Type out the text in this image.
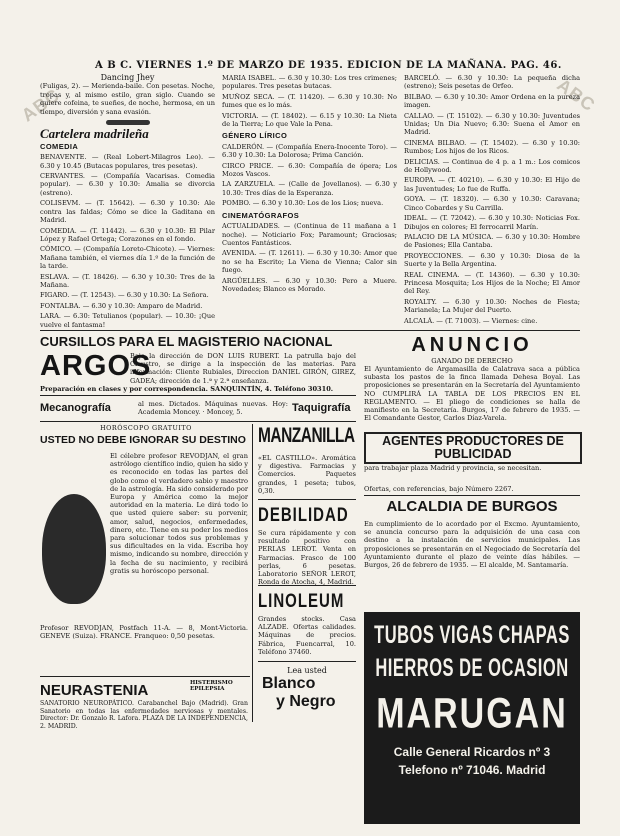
ABC	ABC
A B C. VIERNES 1.º DE MARZO DE 1935. EDICION DE LA MAÑANA. PAG. 46.
Dancing Jhey

(Fuligas, 2). — Merienda-baile. Con pesetas. Noche, tropas y, al mismo estilo, gran siglo. Cuando se quiere cofeina, te sueñes, de noche, hermosa, en un tiempo, diversión y sana evasión.

Cartelera madrileña
COMEDIA

BENAVENTE. — (Real Lobert-Milagros Leo). — 6.30 y 10.45 (Butacas populares, tres pesetas).

CERVANTES. — (Compañía Vacarisas. Comedia popular). — 6.30 y 10.30: Amalia se divorcia (estreno).

COLISEVM. — (T. 15642). — 6.30 y 10.30: Ale contra las faldas; Cómo se dice la Gaditana en Madrid.

COMEDIA. — (T. 11442). — 6.30 y 10.30: El Pilar López y Rafael Ortega; Corazones en el fondo.

CÓMICO. — (Compañía Loreto-Chicote). — Viernes: Mañana también, el viernes día 1.º de la función de la tarde.

ESLAVA. — (T. 18426). — 6.30 y 10.30: Tres de la Mañana.

FIGARO. — (T. 12543). — 6.30 y 10.30: La Señora.

FONTALBA. — 6.30 y 10.30: Amparo de Madrid.

LARA. — 6.30: Tetulianos (popular). — 10.30: ¡Que vuelve el fantasma!

MARIA ISABEL. — 6.30 y 10.30: Los tres crimenes; populares. Tres pesetas butacas.

MUÑOZ SECA. — (T. 11420). — 6.30 y 10.30: No fumes que es lo más.

VICTORIA. — (T. 18402). — 6.15 y 10.30: La Nieta de la Tierra; Lo que Vale la Pena.

GÉNERO LÍRICO

CALDERÓN. — (Compañía Enera-Inocente Toro). — 6.30 y 10.30: La Dolorosa; Prima Canción.

CIRCO PRICE. — 6.30: Compañía de ópera; Los Mozos Vascos.

LA ZARZUELA. — (Calle de Jovellanos). — 6.30 y 10.30: Tres días de la Esperanza.

POMBO. — 6.30 y 10.30: Los de los Lios; nueva.

CINEMATÓGRAFOS

ACTUALIDADES. — (Continua de 11 mañana a 1 noche). — Noticiario Fox; Paramount; Graciosas; Cuentos Fantásticos.

AVENIDA. — (T. 12611). — 6.30 y 10.30: Amor que no se ha Escrito; La Viena de Vienna; Calor sin fuego.

ARGÜELLES. — 6.30 y 10.30: Pero a Muere. Novedades; Blanco es Morado.

BARCELÓ. — 6.30 y 10.30: La pequeña dicha (estreno); Seis pesetas de Orfeo.

BILBAO. — 6.30 y 10.30: Amor Ordena en la pureza imagen.

CALLAO. — (T. 15102). — 6.30 y 10.30: Juventudes Unidas; Un Dia Nuevo; 6.30: Suena el Amor en Madrid.

CINEMA BILBAO. — (T. 15402). — 6.30 y 10.30: Rumbos; Los hijos de los Ricos.

DELICIAS. — Continua de 4 p. a 1 m.: Los comicos de Hollywood.

EUROPA. — (T. 40210). — 6.30 y 10.30: El Hijo de las Juventudes; Lo fue de Ruffa.

GOYA. — (T. 18320). — 6.30 y 10.30: Caravana; Cinco Cobardes y Su Carrilla.

IDEAL. — (T. 72042). — 6.30 y 10.30: Noticias Fox. Dibujos en colores; El ferrocarril Marín.

PALACIO DE LA MÚSICA. — 6.30 y 10.30: Hombre de Pasiones; Ella Cantaba.

PROYECCIONES. — 6.30 y 10.30: Diosa de la Suerte y la Bella Argentina.

REAL CINEMA. — (T. 14360). — 6.30 y 10.30: Princesa Mosquita; Los Hijos de la Noche; El Amor del Rey.

ROYALTY. — 6.30 y 10.30: Noches de Fiesta; Marianela; La Mujer del Puerto.

ALCALÁ. — (T. 71003). — Viernes: cine.

CURSILLOS PARA EL MAGISTERIO NACIONAL
ARGOS
Bajo la dirección de DON LUIS RUBERT. La patrulla bajo del Claustro, se dirige a la inspección de las materias. Para información: Cliente Rubiales, Direccion DANIEL GIRÓN, GIREZ, GADEA; dirección de 1.ª y 2.ª enseñanza.
Preparación en clases y por correspondencia. SANQUINTÍN, 4. Teléfono 30310.
Mecanografía	al mes. Dictados. Máquinas nuevas. Hoy: Academia Moncey. · Moncey, 5.	Taquigrafía
HORÓSCOPO GRATUITO
USTED NO DEBE IGNORAR SU DESTINO
El célebre profesor REVODJAN, el gran astrólogo científico indio, quien ha sido y es reconocido en todas las partes del globo como el verdadero sabio y maestro de la astrología. Ha sido considerado por Europa y América como la mejor autoridad en la materia. Le dirá todo lo que usted quiere saber: su porvenir, amor, salud, negocios, enfermedades, dinero, etc. Tiene en su poder los medios para solucionar todos sus problemas y sus dificultades en la vida. Escriba hoy mismo, indicando su nombre, dirección y la fecha de su nacimiento, y recibirá gratis su horóscopo personal.
Profesor REVODJAN, Postfach 11-A. — 8, Mont-Victoria. GENEVE (Suiza). FRANCE. Franqueo: 0,50 pesetas.
NEURASTENIA	HISTERISMO EPILEPSIA
SANATORIO NEUROPÁTICO. Carabanchel Bajo (Madrid). Gran Sanatorio en todas las enfermedades nerviosas y mentales. Director: Dr. Gonzalo R. Lafora. PLAZA DE LA INDEPENDENCIA, 2. MADRID.
MANZANILLA
«EL CASTILLO». Aromática y digestiva. Farmacias y Comercios. Paquetes grandes, 1 peseta; tubos, 0,30.
DEBILIDAD
Se cura rápidamente y con resultado positivo con PERLAS LEROT. Venta en Farmacias. Frasco de 100 perlas, 6 pesetas. Laboratorio SEÑOR LEROT, Ronda de Atocha, 4, Madrid.
LINOLEUM
Grandes stocks. Casa ALZADE. Ofertas calidades. Máquinas de precios. Fábrica, Fuencarral, 10. Teléfono 37460.
Lea usted
Blanco
y Negro
ANUNCIO
GANADO DE DERECHO
El Ayuntamiento de Argamasilla de Calatrava saca a pública subasta los pastos de la finca llamada Dehesa Boyal. Las proposiciones se presentarán en la Secretaría del Ayuntamiento NO CUMPLIRÁ LA TABLA DE LOS PRECIOS EN EL REGLAMENTO. — El pliego de condiciones se halla de manifiesto en la Secretaría. Burgos, 17 de febrero de 1935. — El Comandante Gestor, Carlos Díaz-Varela.
AGENTES PRODUCTORES DE PUBLICIDAD
para trabajar plaza Madrid y provincia, se necesitan.
Ofertas, con referencias, bajo Número 2267.
ALCALDIA DE BURGOS
En cumplimiento de lo acordado por el Excmo. Ayuntamiento, se anuncia concurso para la adquisición de una casa con destino a la instalación de servicios municipales. Las proposiciones se presentarán en el Negociado de Secretaría del Ayuntamiento durante el plazo de veinte días hábiles. — Burgos, 26 de febrero de 1935. — El alcalde, M. Santamaría.
TUBOS VIGAS CHAPAS
HIERROS DE OCASION
MARUGAN
Calle General Ricardos nº 3
Telefono nº 71046. Madrid
